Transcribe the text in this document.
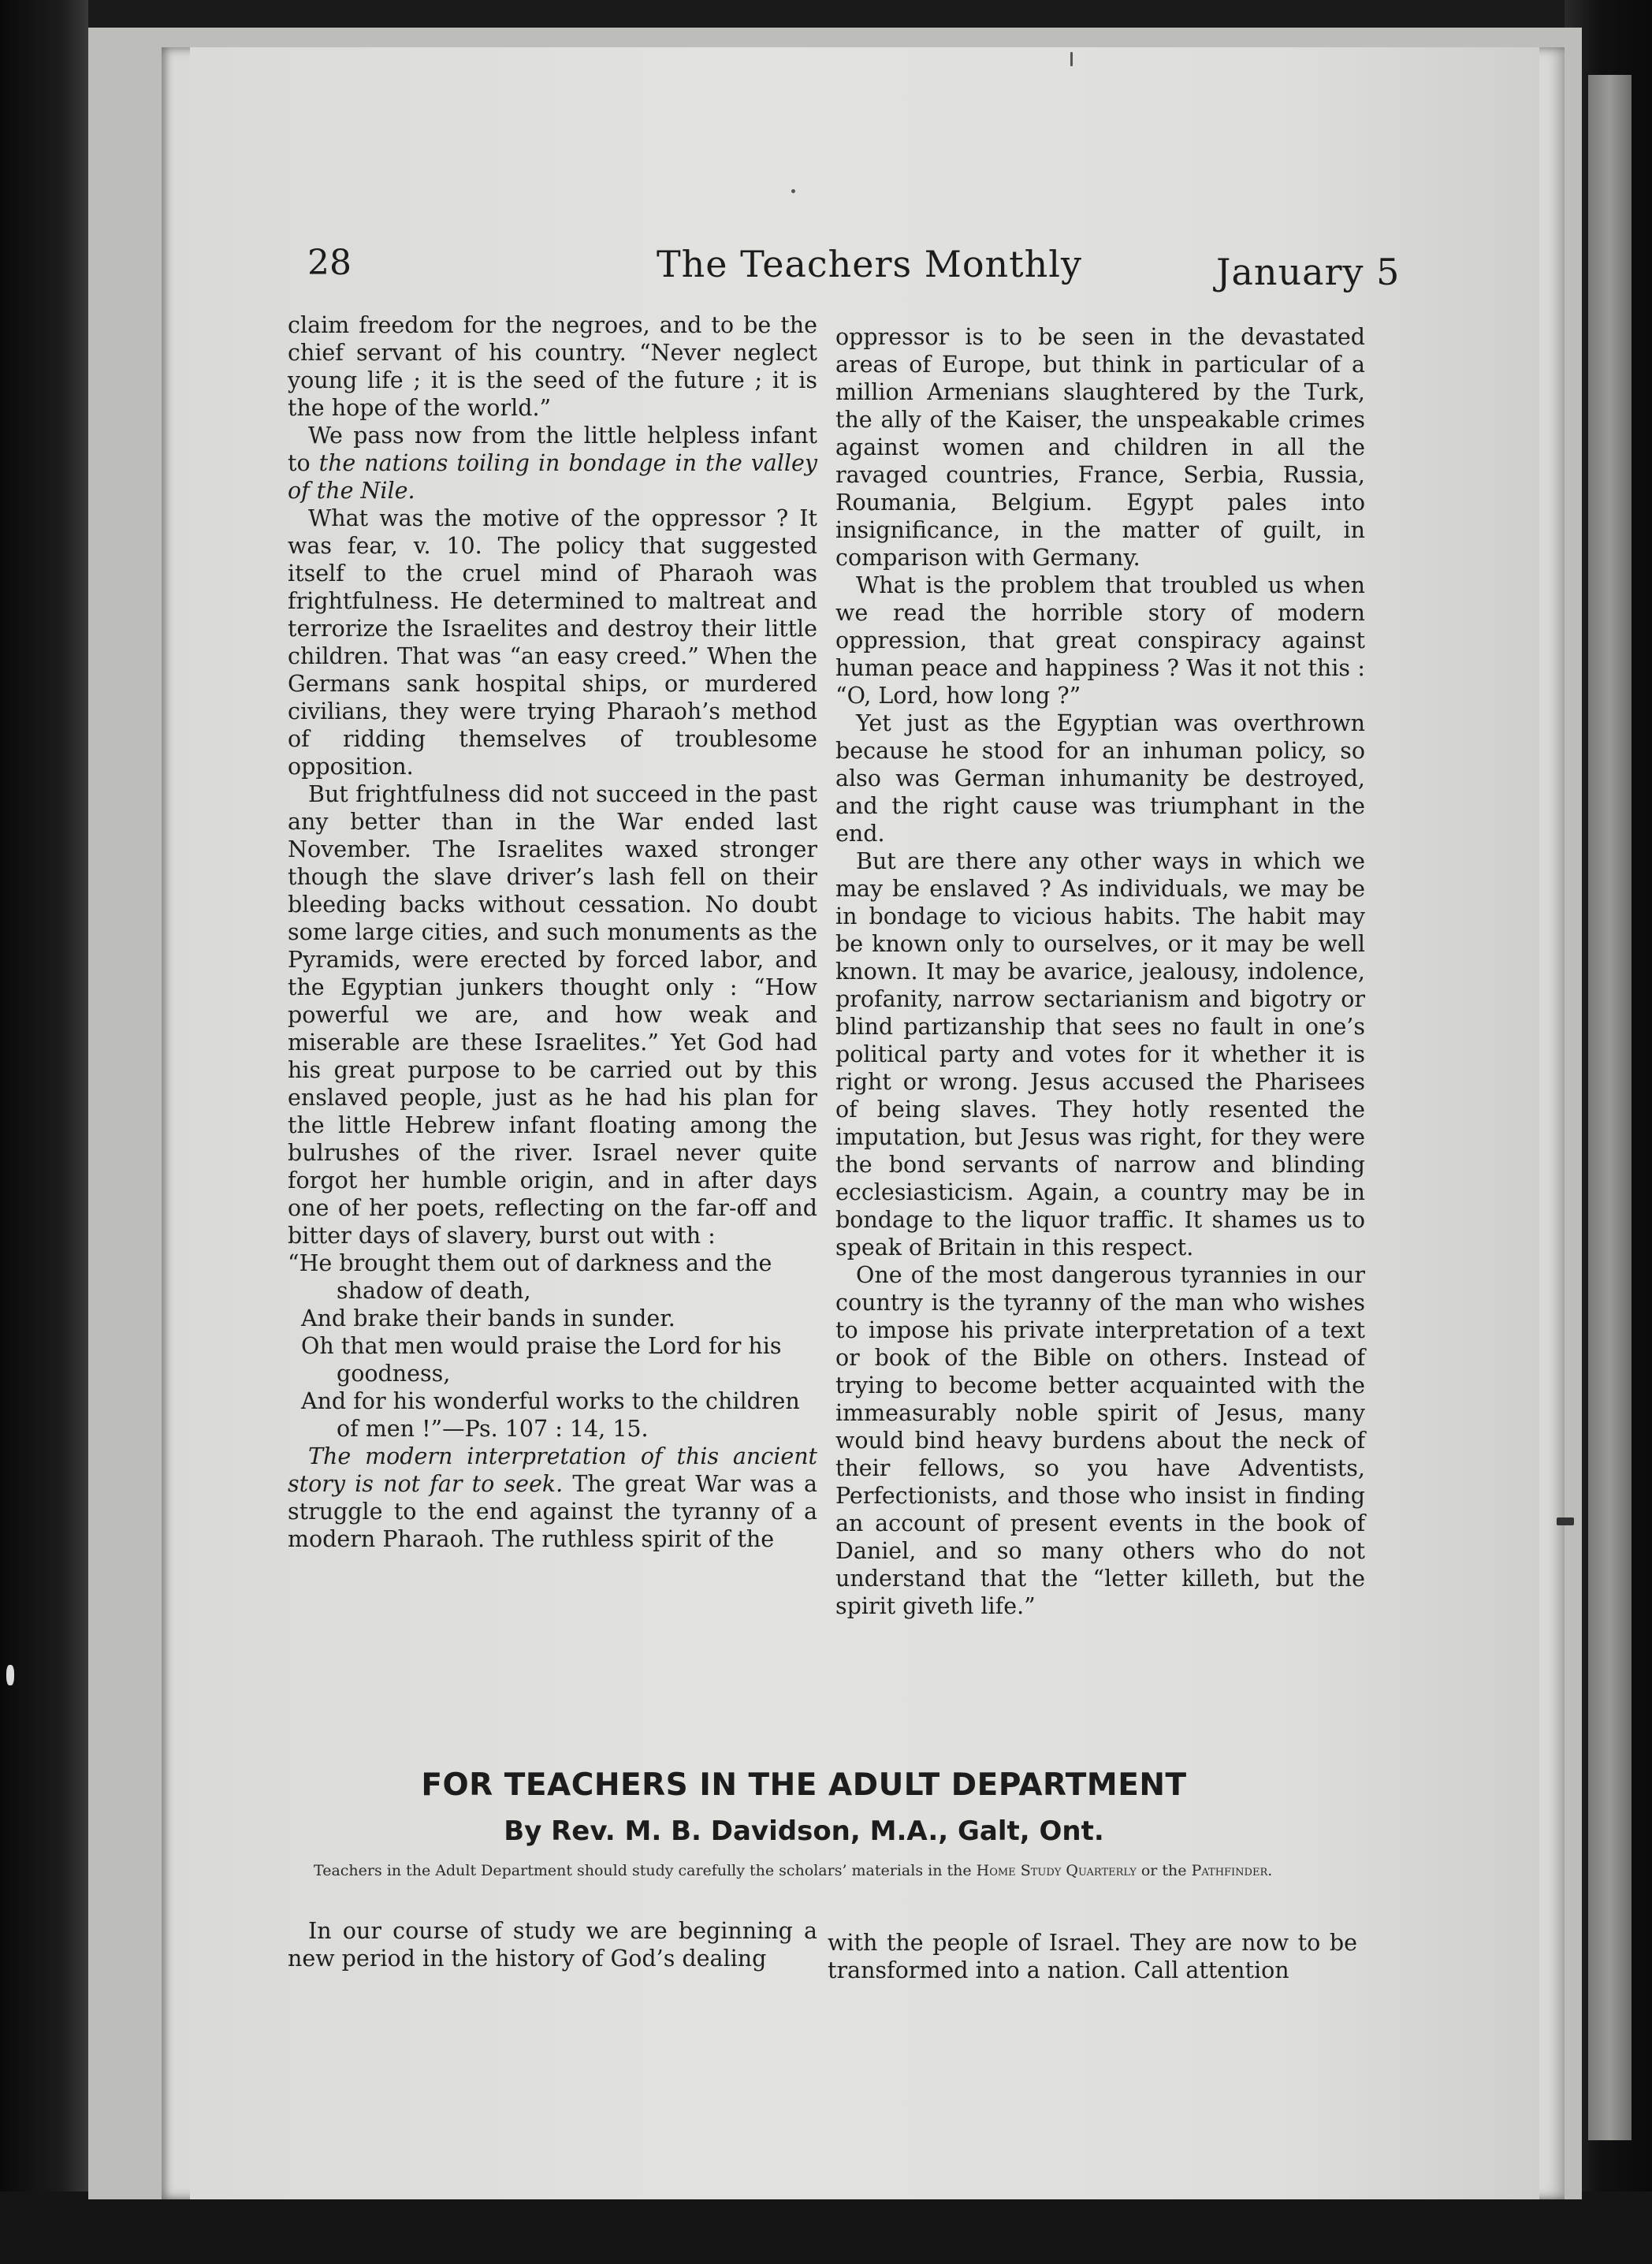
28	The Teachers Monthly	January 5

claim freedom for the negroes, and to be the chief servant of his country. “Never neglect young life ; it is the seed of the future ; it is the hope of the world.”

We pass now from the little helpless infant to the nations toiling in bondage in the valley of the Nile.

What was the motive of the oppressor ? It was fear, v. 10. The policy that suggested itself to the cruel mind of Pharaoh was frightfulness. He determined to maltreat and terrorize the Israelites and destroy their little children. That was “an easy creed.” When the Germans sank hospital ships, or murdered civilians, they were trying Pharaoh’s method of ridding themselves of troublesome opposition.

But frightfulness did not succeed in the past any better than in the War ended last November. The Israelites waxed stronger though the slave driver’s lash fell on their bleeding backs without cessation. No doubt some large cities, and such monuments as the Pyramids, were erected by forced labor, and the Egyptian junkers thought only : “How powerful we are, and how weak and miserable are these Israelites.” Yet God had his great purpose to be carried out by this enslaved people, just as he had his plan for the little Hebrew infant floating among the bulrushes of the river. Israel never quite forgot her humble origin, and in after days one of her poets, reflecting on the far-off and bitter days of slavery, burst out with :

“He brought them out of darkness and the
shadow of death,
And brake their bands in sunder.
Oh that men would praise the Lord for his
goodness,
And for his wonderful works to the children
of men !”—Ps. 107 : 14, 15.

The modern interpretation of this ancient story is not far to seek. The great War was a struggle to the end against the tyranny of a modern Pharaoh. The ruthless spirit of the

oppressor is to be seen in the devastated areas of Europe, but think in particular of a million Armenians slaughtered by the Turk, the ally of the Kaiser, the unspeakable crimes against women and children in all the ravaged countries, France, Serbia, Russia, Roumania, Belgium. Egypt pales into insignificance, in the matter of guilt, in comparison with Germany.

What is the problem that troubled us when we read the horrible story of modern oppression, that great conspiracy against human peace and happiness ? Was it not this : “O, Lord, how long ?”

Yet just as the Egyptian was overthrown because he stood for an inhuman policy, so also was German inhumanity be destroyed, and the right cause was triumphant in the end.

But are there any other ways in which we may be enslaved ? As individuals, we may be in bondage to vicious habits. The habit may be known only to ourselves, or it may be well known. It may be avarice, jealousy, indolence, profanity, narrow sectarianism and bigotry or blind partizanship that sees no fault in one’s political party and votes for it whether it is right or wrong. Jesus accused the Pharisees of being slaves. They hotly resented the imputation, but Jesus was right, for they were the bond servants of narrow and blinding ecclesiasticism. Again, a country may be in bondage to the liquor traffic. It shames us to speak of Britain in this respect.

One of the most dangerous tyrannies in our country is the tyranny of the man who wishes to impose his private interpretation of a text or book of the Bible on others. Instead of trying to become better acquainted with the immeasurably noble spirit of Jesus, many would bind heavy burdens about the neck of their fellows, so you have Adventists, Perfectionists, and those who insist in finding an account of present events in the book of Daniel, and so many others who do not understand that the “letter killeth, but the spirit giveth life.”

FOR TEACHERS IN THE ADULT DEPARTMENT
By Rev. M. B. Davidson, M.A., Galt, Ont.
Teachers in the Adult Department should study carefully the scholars’ materials in the Home Study Quarterly or the Pathfinder.

In our course of study we are beginning a new period in the history of God’s dealing

with the people of Israel. They are now to be transformed into a nation. Call attention
